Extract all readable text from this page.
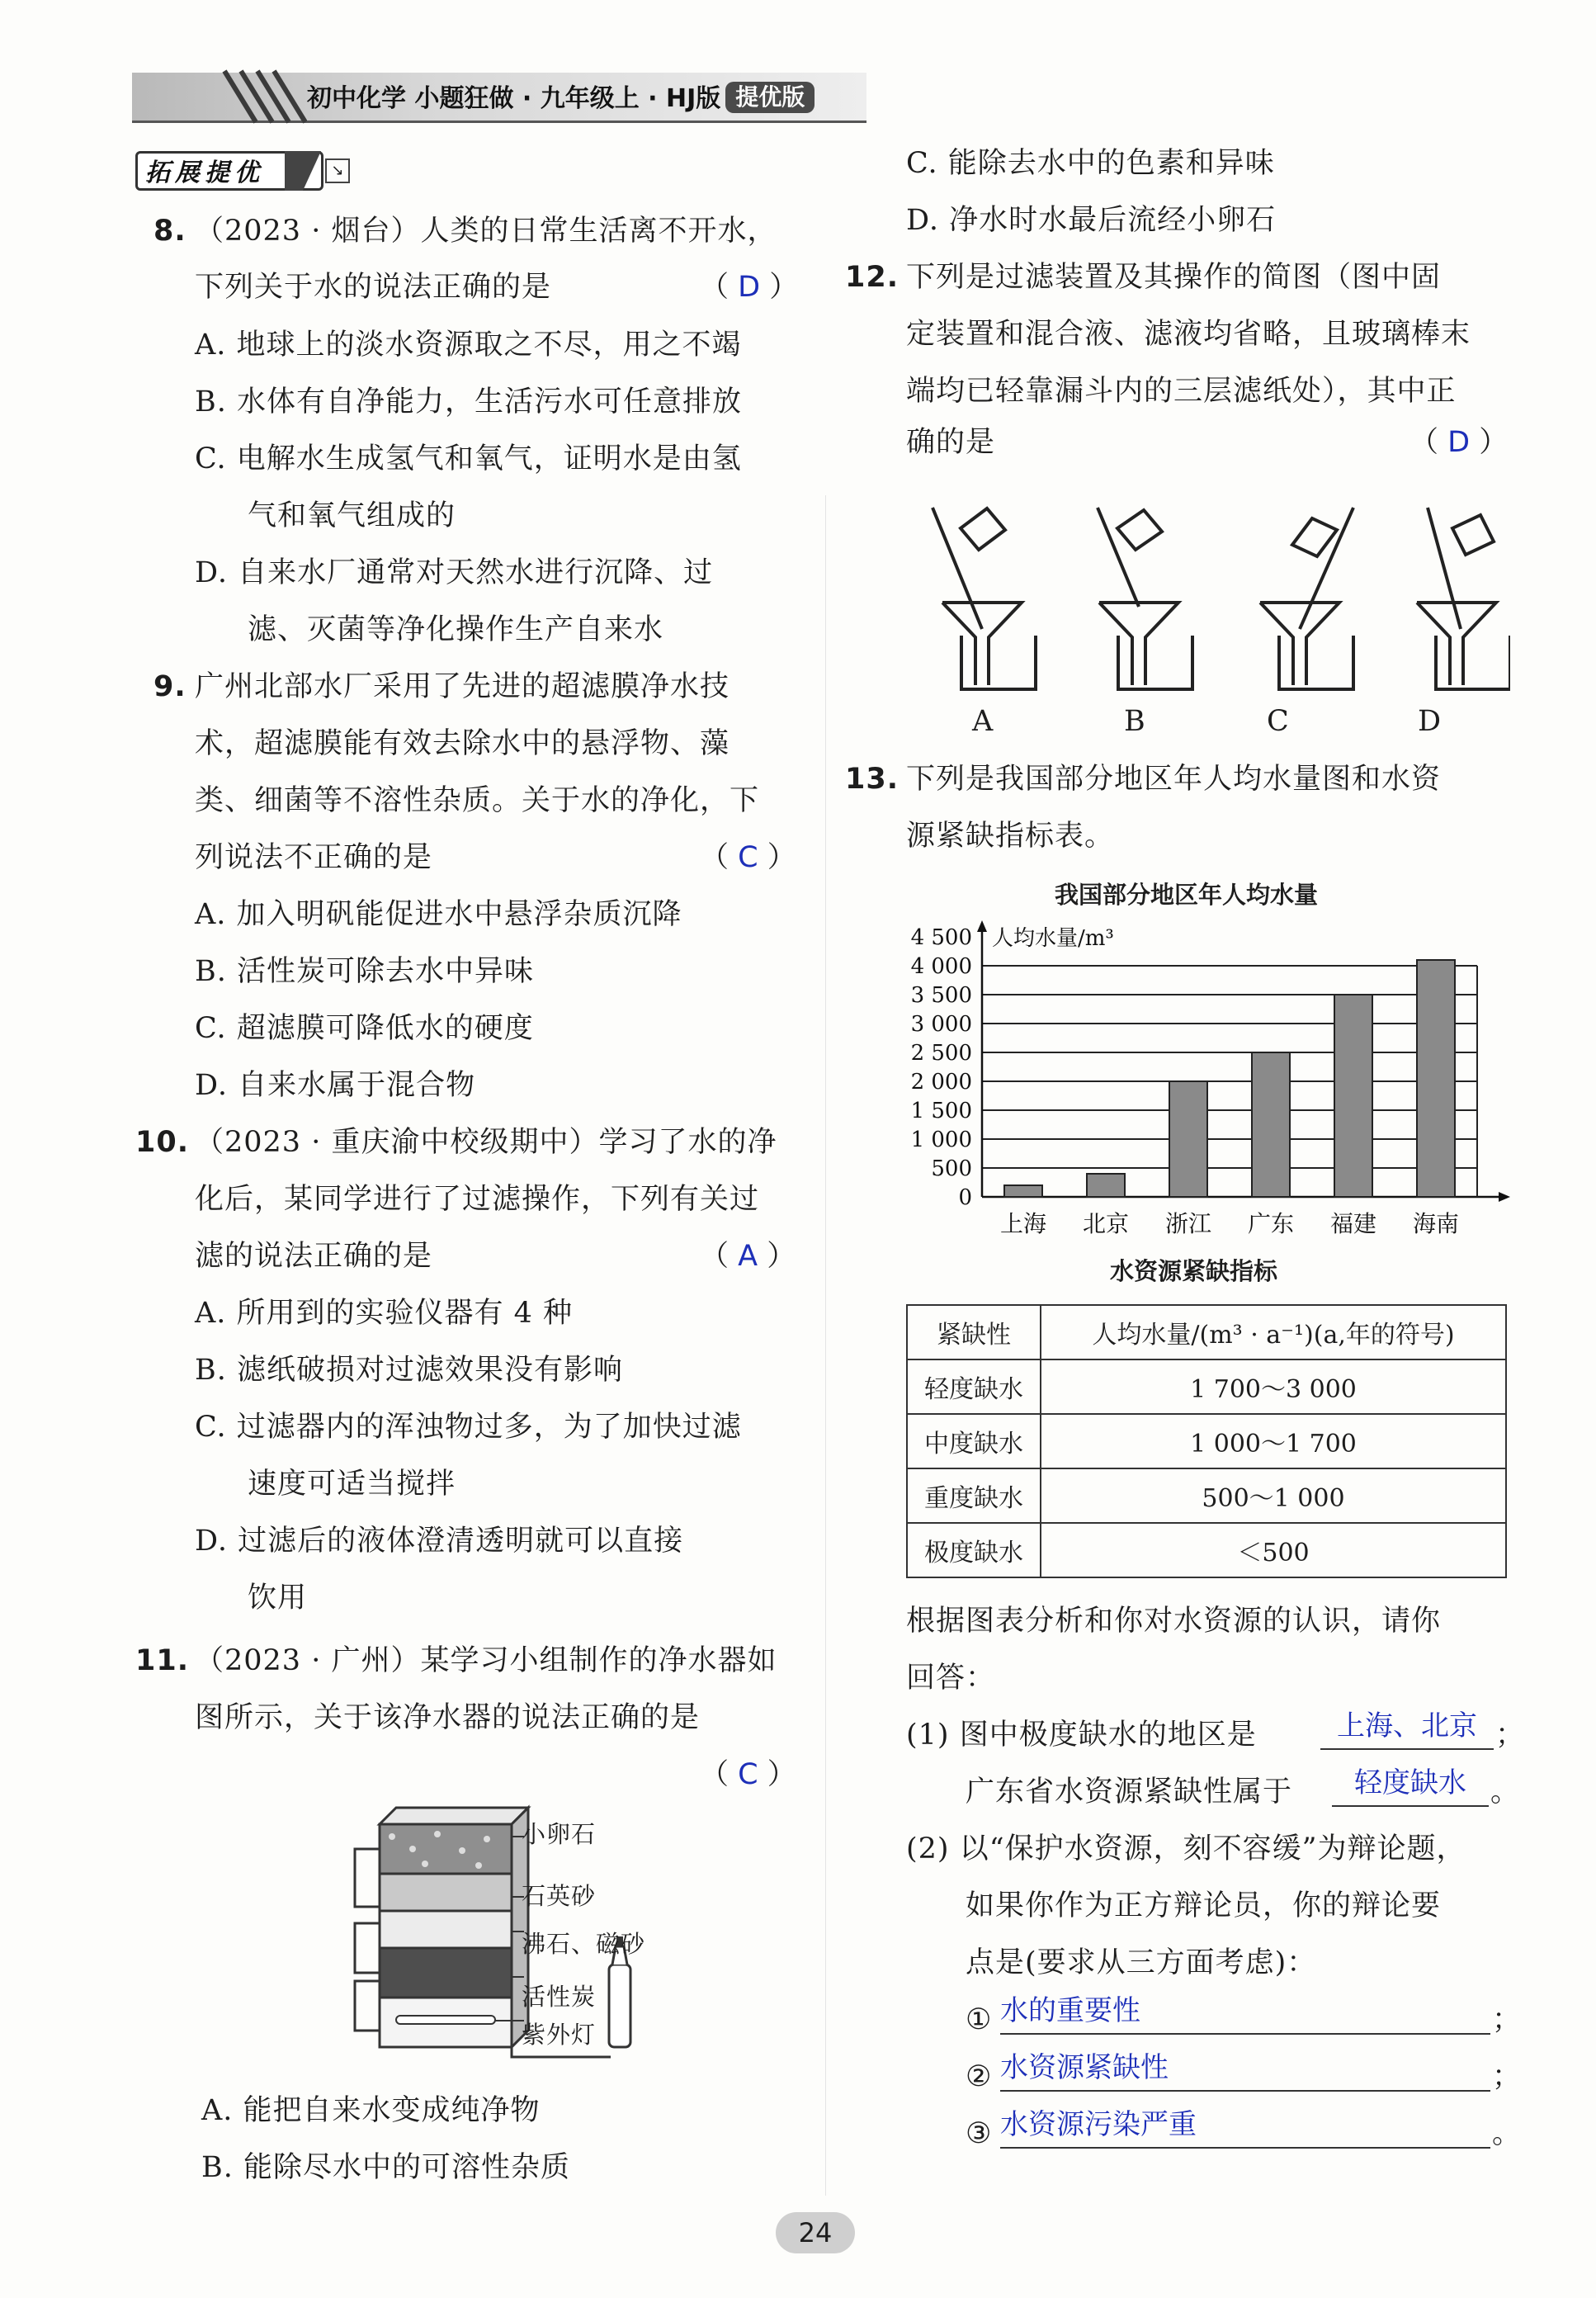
初中化学 小题狂做 · 九年级上 · HJ版 提优版
拓展提优	↘
8. （2023 · 烟台）人类的日常生活离不开水，
下列关于水的说法正确的是	（ D ）
A. 地球上的淡水资源取之不尽，用之不竭
B. 水体有自净能力，生活污水可任意排放
C. 电解水生成氢气和氧气，证明水是由氢
气和氧气组成的
D. 自来水厂通常对天然水进行沉降、过
滤、灭菌等净化操作生产自来水
9. 广州北部水厂采用了先进的超滤膜净水技
术，超滤膜能有效去除水中的悬浮物、藻
类、细菌等不溶性杂质。关于水的净化，下
列说法不正确的是	（ C ）
A. 加入明矾能促进水中悬浮杂质沉降
B. 活性炭可除去水中异味
C. 超滤膜可降低水的硬度
D. 自来水属于混合物
10. （2023 · 重庆渝中校级期中）学习了水的净
化后，某同学进行了过滤操作，下列有关过
滤的说法正确的是	（ A ）
A. 所用到的实验仪器有 4 种
B. 滤纸破损对过滤效果没有影响
C. 过滤器内的浑浊物过多，为了加快过滤
速度可适当搅拌
D. 过滤后的液体澄清透明就可以直接
饮用
11. （2023 · 广州）某学习小组制作的净水器如
图所示，关于该净水器的说法正确的是
（ C ）
小卵石
石英砂
沸石、磁砂
活性炭
紫外灯
A. 能把自来水变成纯净物
B. 能除尽水中的可溶性杂质
C. 能除去水中的色素和异味
D. 净水时水最后流经小卵石
12. 下列是过滤装置及其操作的简图（图中固
定装置和混合液、滤液均省略，且玻璃棒末
端均已轻靠漏斗内的三层滤纸处），其中正
确的是	（ D ）
A	B	C	D
13. 下列是我国部分地区年人均水量图和水资
源紧缺指标表。
我国部分地区年人均水量
0
500
1 000
1 500
2 000
2 500
3 000
3 500
4 000
4 500 人均水量/m³
上海 北京 浙江 广东 福建 海南
水资源紧缺指标
紧缺性	人均水量/(m³ · a⁻¹)(a,年的符号)
轻度缺水	1 700～3 000
中度缺水	1 000～1 700
重度缺水	500～1 000
极度缺水	＜500
根据图表分析和你对水资源的认识，请你
回答：
(1) 图中极度缺水的地区是	上海、北京 ；
广东省水资源紧缺性属于	轻度缺水 。
(2) 以“保护水资源，刻不容缓”为辩论题，
如果你作为正方辩论员，你的辩论要
点是(要求从三方面考虑)：
① 水的重要性	；
② 水资源紧缺性	；
③ 水资源污染严重	。
24
